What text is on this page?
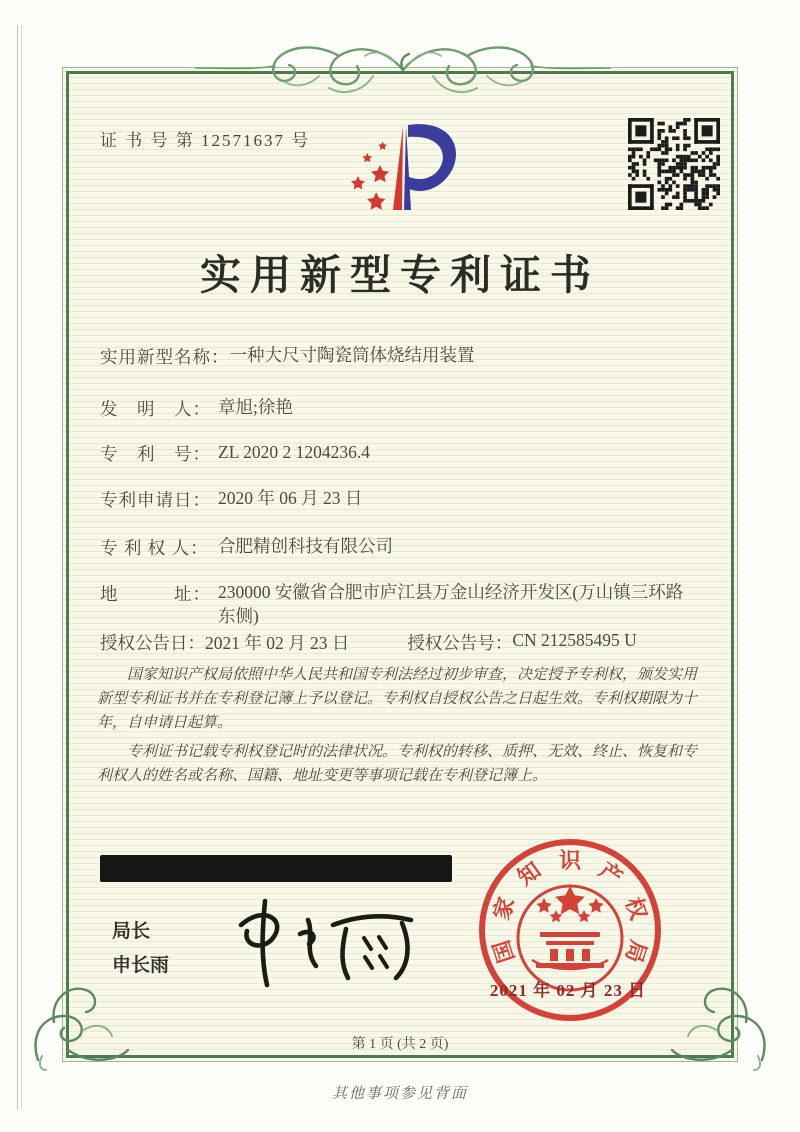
证 书 号 第 12571637 号
实用新型专利证书
实用新型名称： 一种大尺寸陶瓷筒体烧结用装置
发　明　人： 章旭;徐艳
专　利　号： ZL 2020 2 1204236.4
专利申请日： 2020 年 06 月 23 日
专 利 权 人： 合肥精创科技有限公司
地　　　址： 230000 安徽省合肥市庐江县万金山经济开发区(万山镇三环路东侧)
授权公告日： 2021 年 02 月 23 日	授权公告号： CN 212585495 U

国家知识产权局依照中华人民共和国专利法经过初步审查，决定授予专利权，颁发实用新型专利证书并在专利登记簿上予以登记。专利权自授权公告之日起生效。专利权期限为十年，自申请日起算。

专利证书记载专利权登记时的法律状况。专利权的转移、质押、无效、终止、恢复和专利权人的姓名或名称、国籍、地址变更等事项记载在专利登记簿上。

局长
申长雨	国
家
知 识 产
权
局
2021 年 02 月 23 日
第 1 页 (共 2 页)
其他事项参见背面
